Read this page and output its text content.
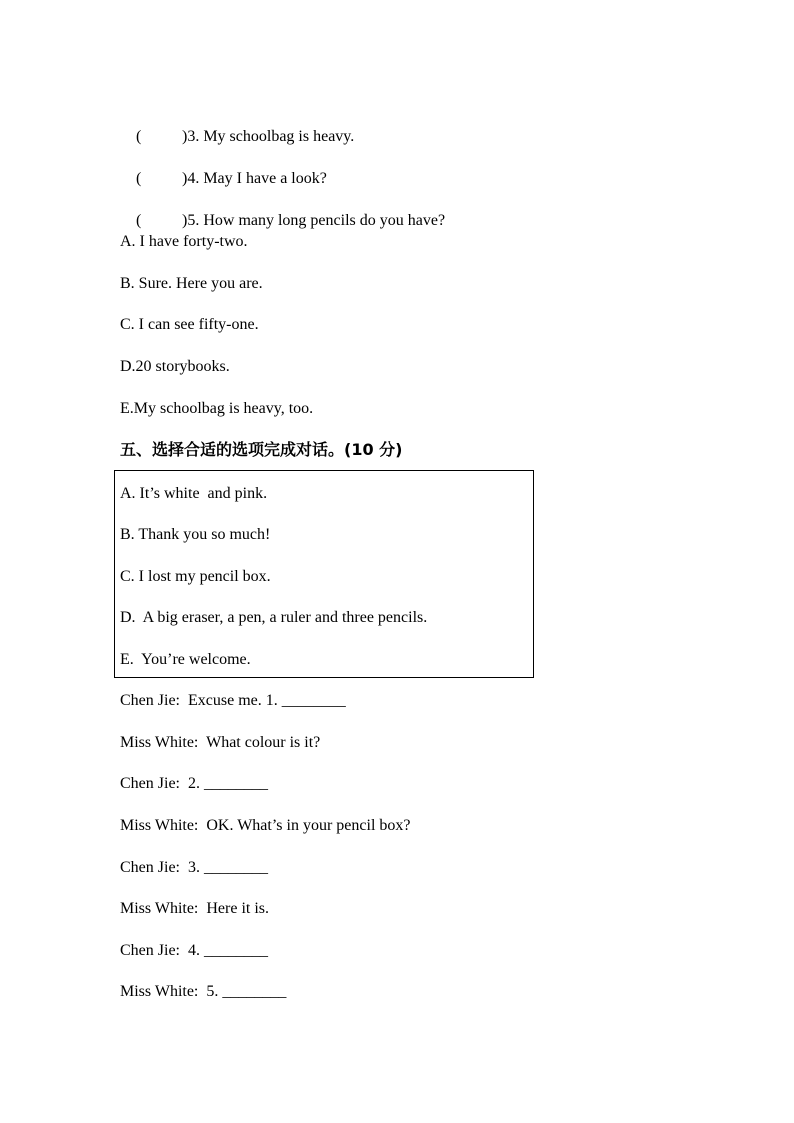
(	)3. My schoolbag is heavy.

(	)4. May I have a look?

(	)5. How many long pencils do you have?

A. I have forty-two.
B. Sure. Here you are.
C. I can see fifty-one.
D.20 storybooks.
E.My schoolbag is heavy, too.
五、选择合适的选项完成对话。(10 分)
A. It’s white  and pink.
B. Thank you so much!
C. I lost my pencil box.
D.  A big eraser, a pen, a ruler and three pencils.
E.  You’re welcome.
Chen Jie:  Excuse me. 1. ________
Miss White:  What colour is it?
Chen Jie:  2. ________
Miss White:  OK. What’s in your pencil box?
Chen Jie:  3. ________
Miss White:  Here it is.
Chen Jie:  4. ________
Miss White:  5. ________
